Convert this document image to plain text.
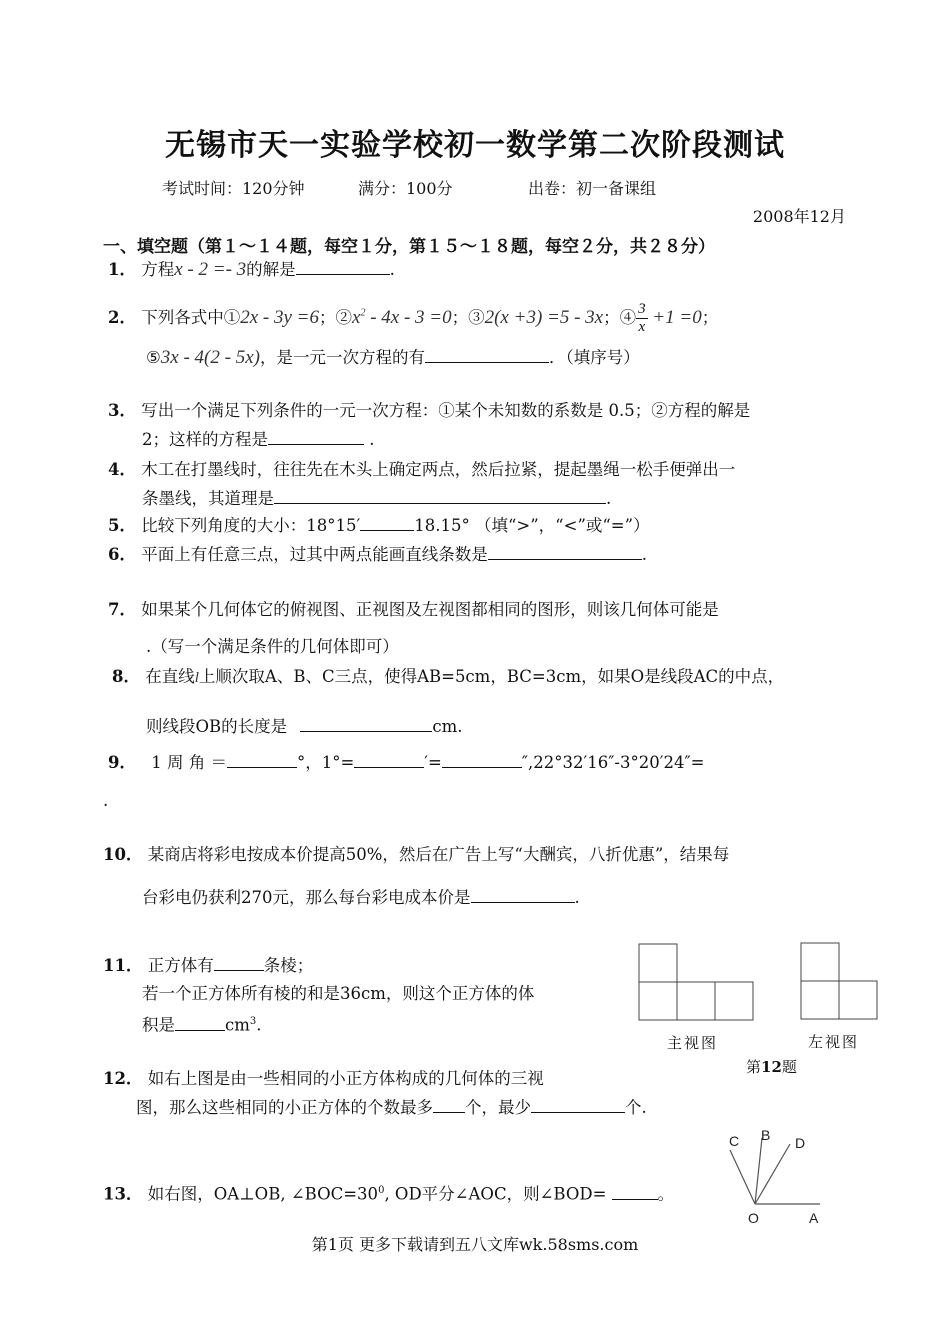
无锡市天一实验学校初一数学第二次阶段测试
考试时间：120分钟	满分：100分	出卷：初一备课组
2008年12月
一、填空题（第１～１４题，每空１分，第１５～１８题，每空２分，共２８分）
1． 方程x - 2 =- 3的解是	.
2． 下列各式中①2x - 3y =6；$②x^2 - 4x - 3 =0$；③2(x +3) =5 - 3x；④ $\frac{3}{x} +1 =0$；
⑤3x - 4(2 - 5x)，是一元一次方程的有	．（填序号）
3． 写出一个满足下列条件的一元一次方程：①某个未知数的系数是 0.5；②方程的解是
2；这样的方程是	.
4． 木工在打墨线时，往往先在木头上确定两点，然后拉紧，提起墨绳一松手便弹出一
条墨线，其道理是	.
5． 比较下列角度的大小：18°15′	18.15° （填“>”，“<”或“=”）
6． 平面上有任意三点，过其中两点能画直线条数是	.
7． 如果某个几何体它的俯视图、正视图及左视图都相同的图形，则该几何体可能是
.（写一个满足条件的几何体即可）
8． 在直线l上顺次取A、B、C三点，使得AB=5cm，BC=3cm，如果O是线段AC的中点，
则线段OB的长度是	cm.
9． 1 周 角 ＝	°，1°=	′=	″,22°32′16″-3°20′24″=
.
10． 某商店将彩电按成本价提高50%，然后在广告上写“大酬宾，八折优惠”，结果每
台彩电仍获利270元，那么每台彩电成本价是	.
11． 正方体有	条棱；
若一个正方体所有棱的和是36cm，则这个正方体的体
积是	$cm^3$.
主视图	左视图
第12题
12． 如右上图是由一些相同的小正方体构成的几何体的三视
图，那么这些相同的小正方体的个数最多 个，最少	个.
13． 如右图，OA⊥OB, $\angle BOC=30^0$, OD平分∠AOC，则∠BOD=	。
C B D
O	A
第1页 更多下载请到五八文库wk.58sms.com
